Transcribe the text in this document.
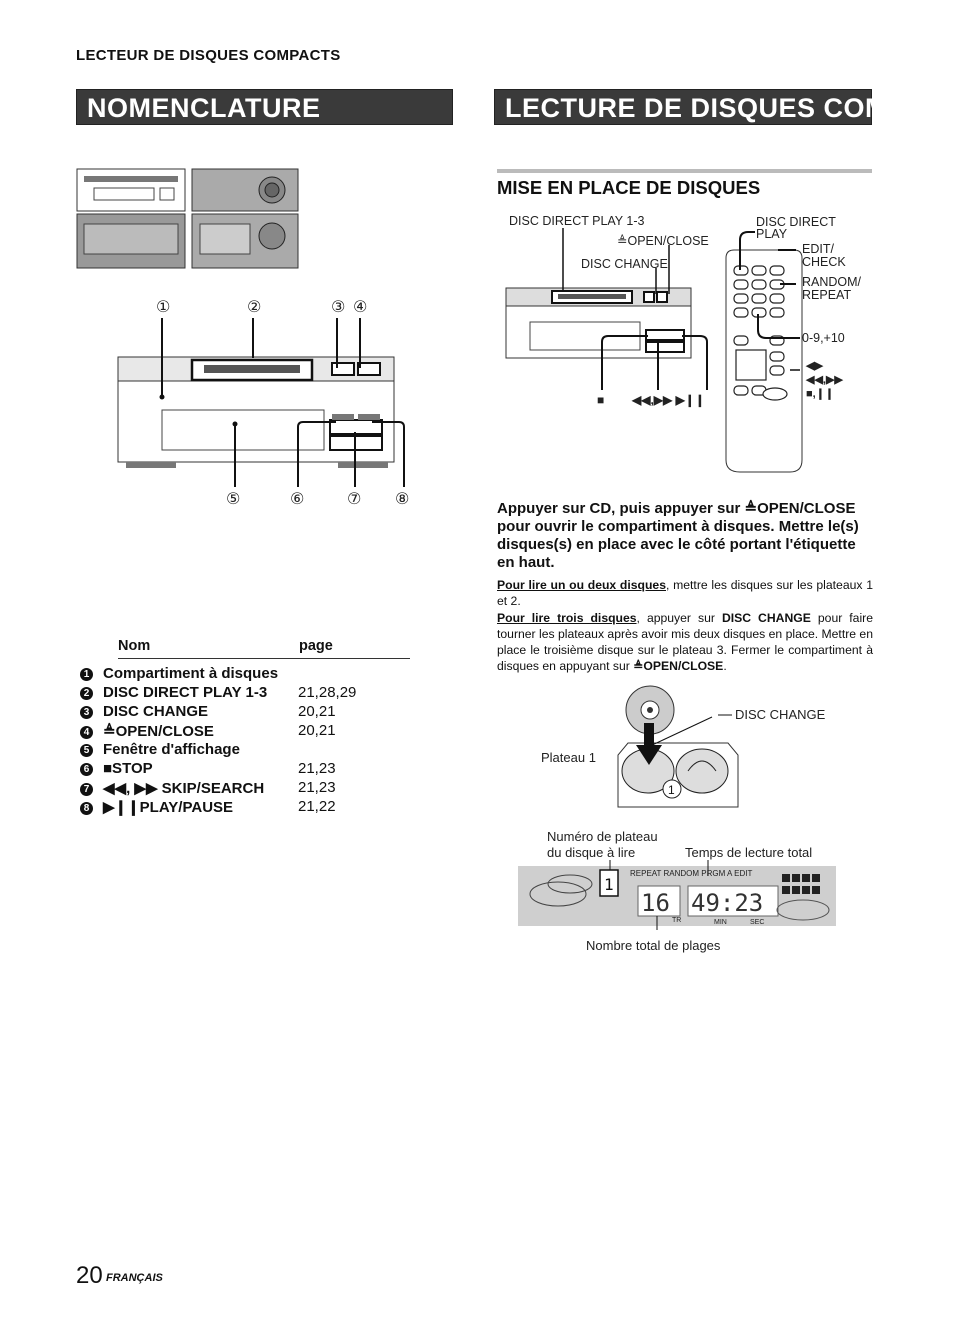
LECTEUR DE DISQUES COMPACTS
NOMENCLATURE	LECTURE DE DISQUES COMPACTS
①	②	③ ④
⑤	⑥	⑦ ⑧
Nom	page
1 Compartiment à disques
2 DISC DIRECT PLAY 1-3 21,28,29
3 DISC CHANGE	20,21
4 ≜OPEN/CLOSE	20,21
5 Fenêtre d'affichage
6 ■STOP	21,23
7 ◀◀, ▶▶ SKIP/SEARCH 21,23
8 ▶❙❙PLAY/PAUSE	21,22
MISE EN PLACE DE DISQUES
DISC DIRECT PLAY 1-3
≜OPEN/CLOSE
DISC CHANGE
■ ◀◀,▶▶ ▶❙❙
DISC DIRECT
PLAY
EDIT/
CHECK
RANDOM/
REPEAT
0-9,+10
◀▶
◀◀,▶▶
■,❙❙
Appuyer sur CD, puis appuyer sur ≜OPEN/CLOSE pour ouvrir le compartiment à disques. Mettre le(s) disques(s) en place avec le côté portant l'étiquette en haut.
Pour lire un ou deux disques, mettre les disques sur les plateaux 1 et 2.
Pour lire trois disques, appuyer sur DISC CHANGE pour faire tourner les plateaux après avoir mis deux disques en place. Mettre en place le troisième disque sur le plateau 3. Fermer le compartiment à disques en appuyant sur ≜OPEN/CLOSE.
1
DISC CHANGE
Plateau 1
Numéro de plateau
du disque à lire	Temps de lecture total
1
16
TR
49:23
MIN	SEC
REPEAT RANDOM PRGM A EDIT
Nombre total de plages
20 FRANÇAIS
